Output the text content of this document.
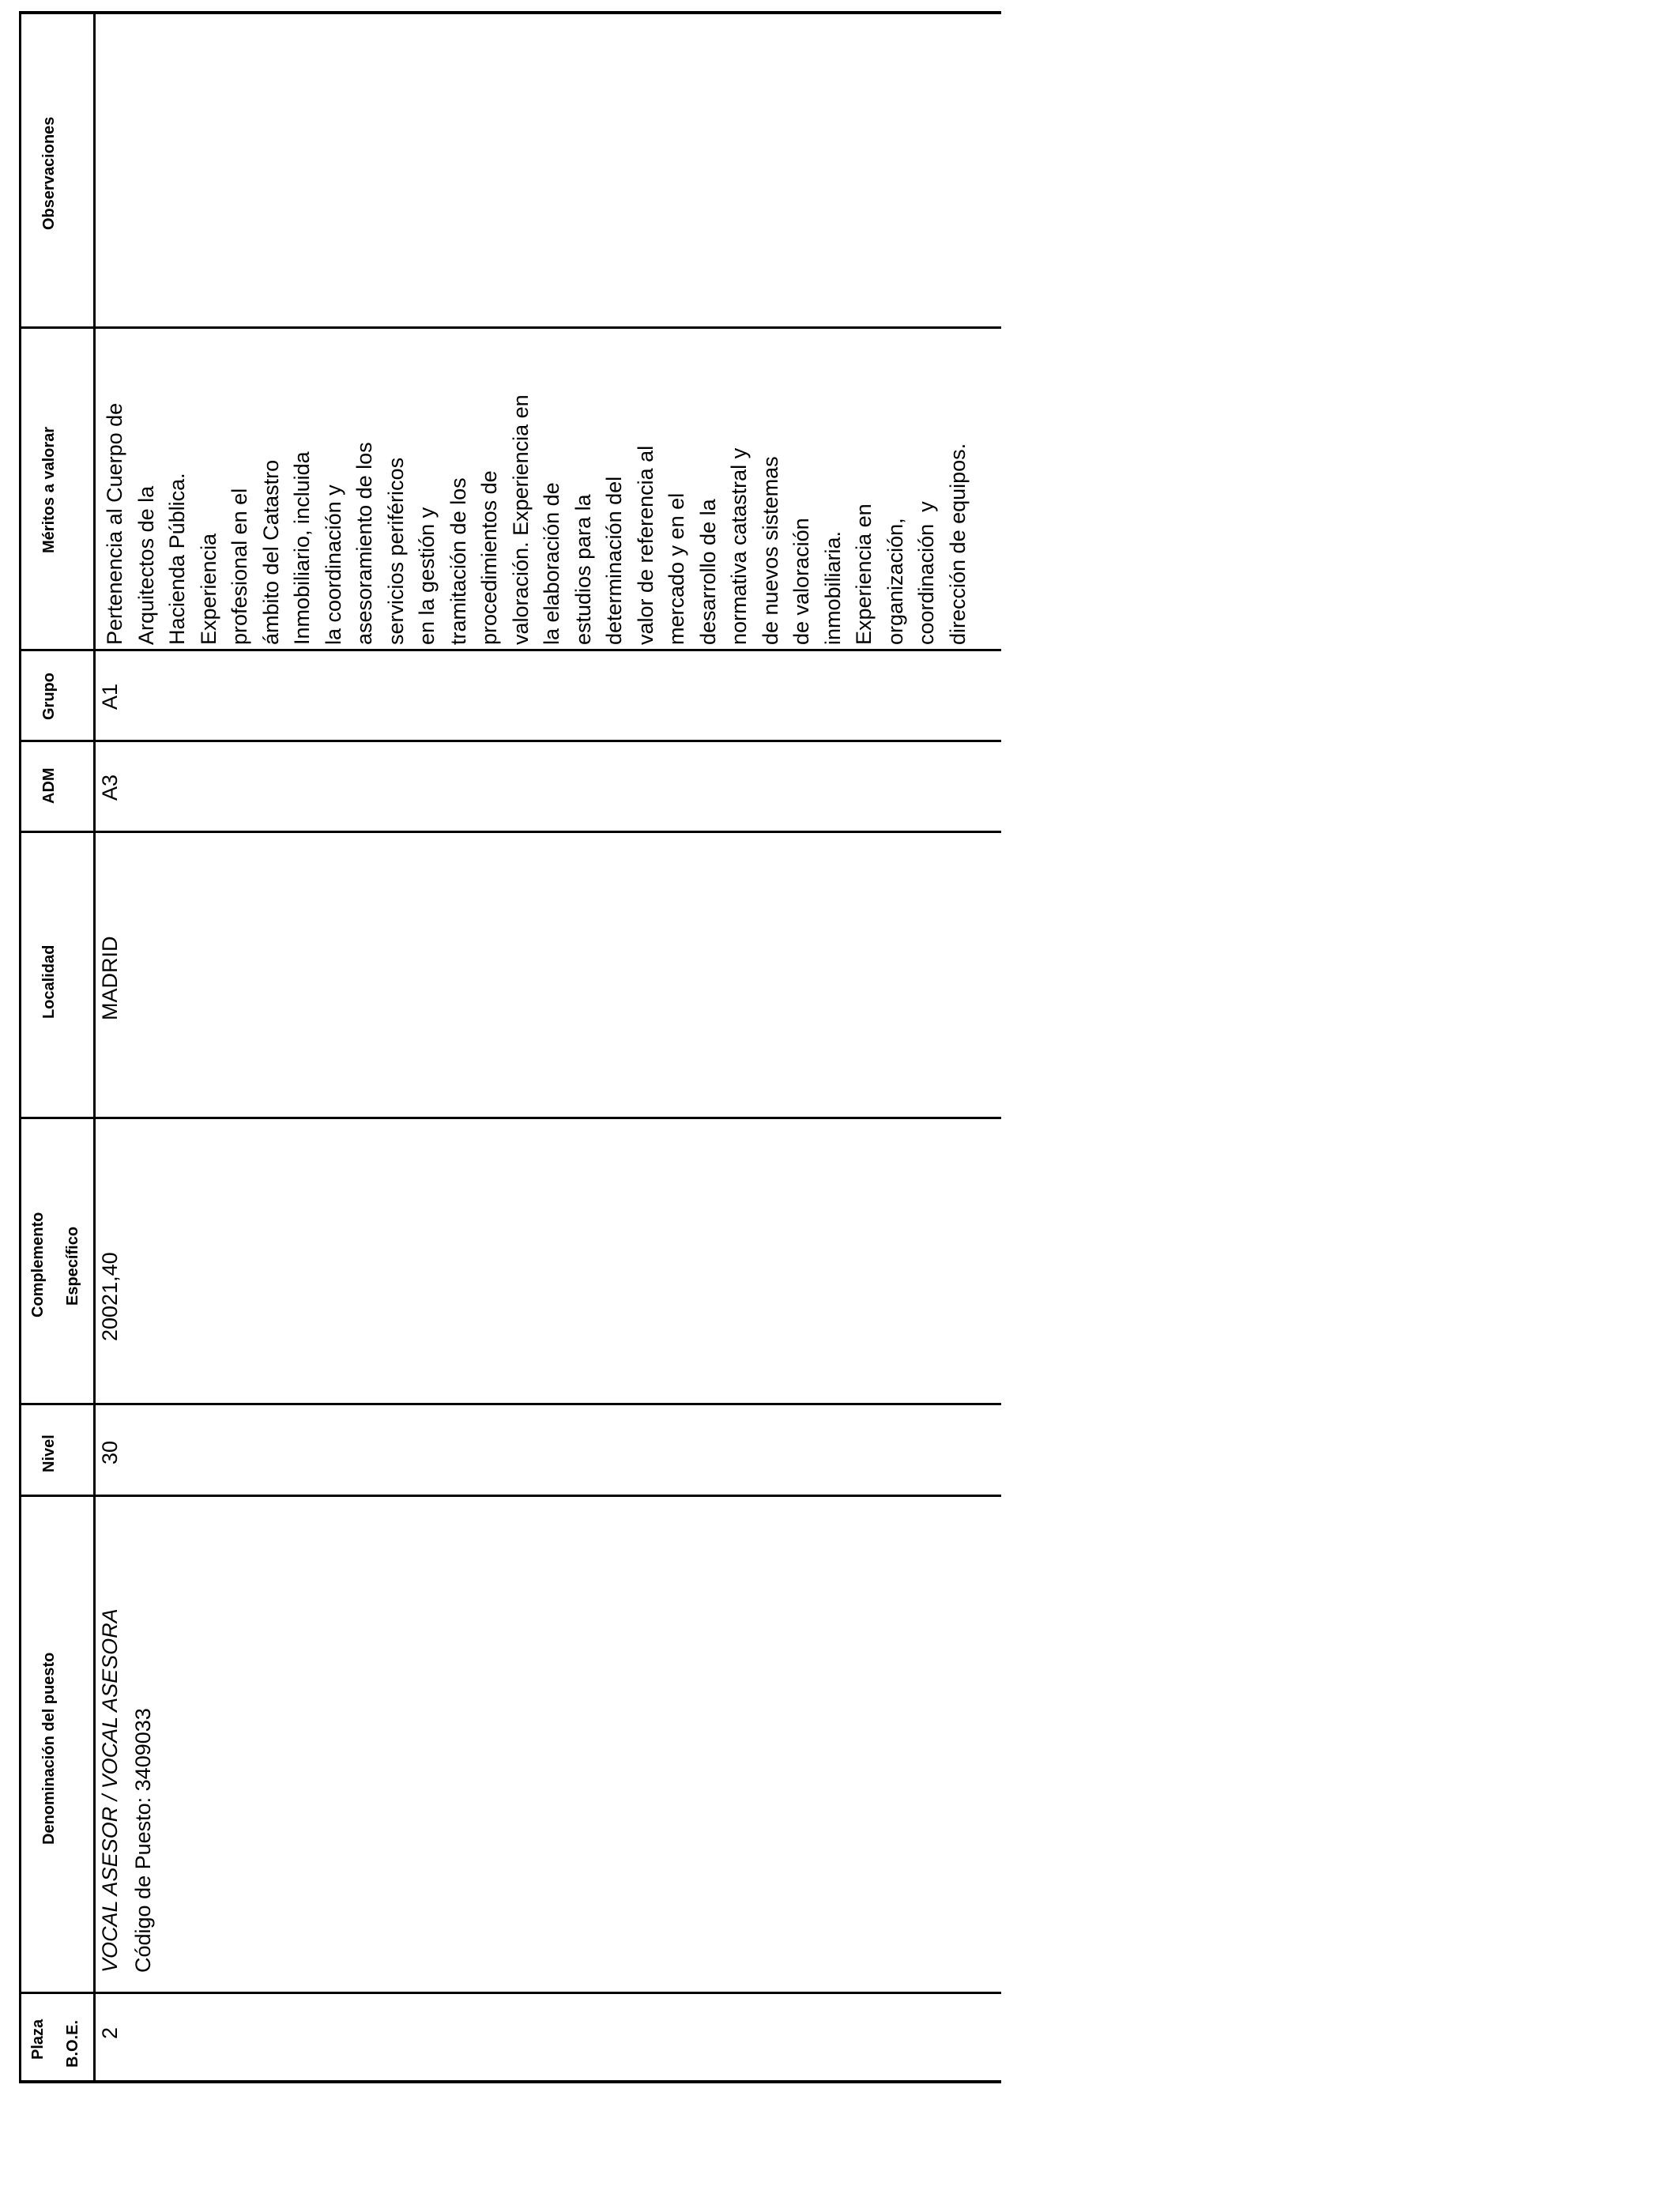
Observaciones
Méritos a valorar
Grupo
ADM
Localidad
Complemento Específico
Nivel
Denominación del puesto
Plaza B.O.E. 2
VOCAL ASESOR / VOCAL ASESORA Código de Puesto: 3409033
30
20021,40
MADRID
A3
A1
Pertenencia al Cuerpo de Arquitectos de la Hacienda Pública. Experiencia profesional en el ámbito del Catastro Inmobiliario, incluida la coordinación y asesoramiento de los servicios periféricos en la gestión y tramitación de los procedimientos de valoración. Experiencia en la elaboración de estudios para la determinación del valor de referencia al mercado y en el desarrollo de la normativa catastral y de nuevos sistemas de valoración inmobiliaria. Experiencia en organización, coordinación  y dirección de equipos.
